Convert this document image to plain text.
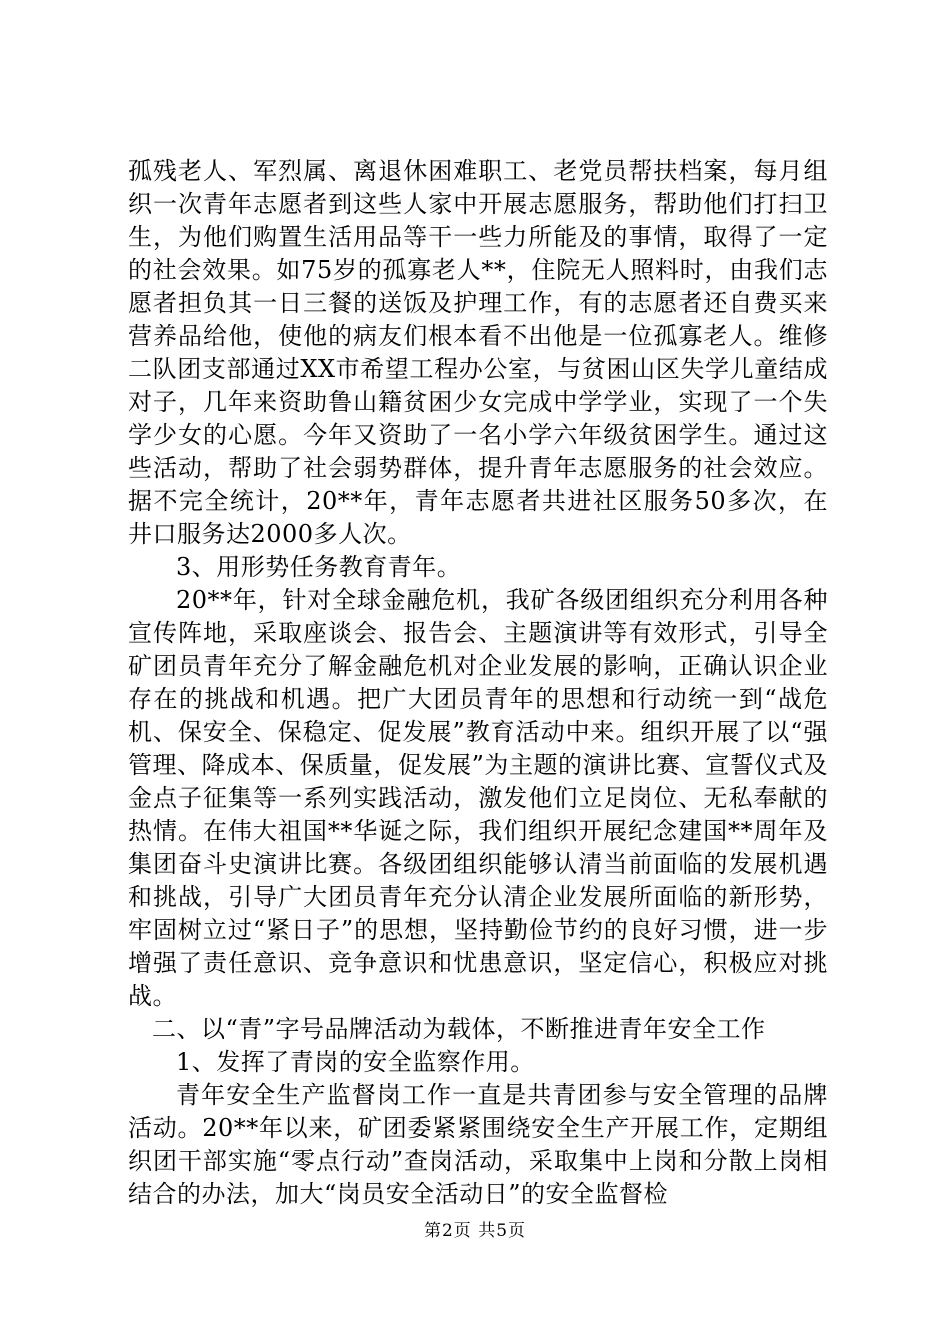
孤残老人、军烈属、离退休困难职工、老党员帮扶档案，每月组织一次青年志愿者到这些人家中开展志愿服务，帮助他们打扫卫生，为他们购置生活用品等干一些力所能及的事情，取得了一定的社会效果。如75岁的孤寡老人**，住院无人照料时，由我们志愿者担负其一日三餐的送饭及护理工作，有的志愿者还自费买来营养品给他，使他的病友们根本看不出他是一位孤寡老人。维修二队团支部通过XX市希望工程办公室，与贫困山区失学儿童结成对子，几年来资助鲁山籍贫困少女完成中学学业，实现了一个失学少女的心愿。今年又资助了一名小学六年级贫困学生。通过这些活动，帮助了社会弱势群体，提升青年志愿服务的社会效应。据不完全统计，20**年，青年志愿者共进社区服务50多次，在井口服务达2000多人次。

3、用形势任务教育青年。

20**年，针对全球金融危机，我矿各级团组织充分利用各种宣传阵地，采取座谈会、报告会、主题演讲等有效形式，引导全矿团员青年充分了解金融危机对企业发展的影响，正确认识企业存在的挑战和机遇。把广大团员青年的思想和行动统一到“战危机、保安全、保稳定、促发展”教育活动中来。组织开展了以“强管理、降成本、保质量，促发展”为主题的演讲比赛、宣誓仪式及金点子征集等一系列实践活动，激发他们立足岗位、无私奉献的热情。在伟大祖国**华诞之际，我们组织开展纪念建国**周年及集团奋斗史演讲比赛。各级团组织能够认清当前面临的发展机遇和挑战，引导广大团员青年充分认清企业发展所面临的新形势，牢固树立过“紧日子”的思想，坚持勤俭节约的良好习惯，进一步增强了责任意识、竞争意识和忧患意识，坚定信心，积极应对挑战。

二、以“青”字号品牌活动为载体，不断推进青年安全工作

1、发挥了青岗的安全监察作用。

青年安全生产监督岗工作一直是共青团参与安全管理的品牌活动。20**年以来，矿团委紧紧围绕安全生产开展工作，定期组织团干部实施“零点行动”查岗活动，采取集中上岗和分散上岗相结合的办法，加大“岗员安全活动日”的安全监督检

第2页 共5页
